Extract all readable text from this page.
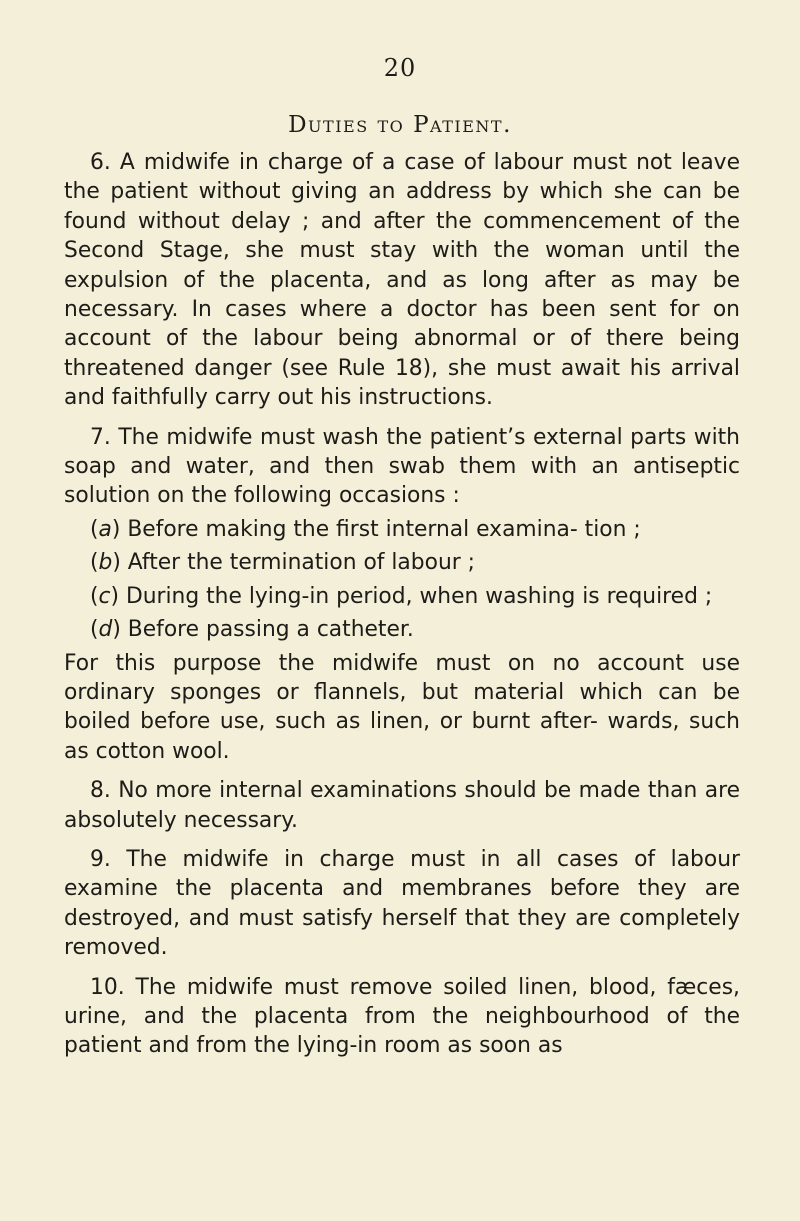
20
Duties to Patient.

6. A midwife in charge of a case of labour must not leave the patient without giving an address by which she can be found without delay ; and after the commencement of the Second Stage, she must stay with the woman until the expulsion of the placenta, and as long after as may be necessary. In cases where a doctor has been sent for on account of the labour being abnormal or of there being threatened danger (see Rule 18), she must await his arrival and faithfully carry out his instructions.

7. The midwife must wash the patient’s external parts with soap and water, and then swab them with an antiseptic solution on the following occasions :

(a) Before making the first internal examina- tion ;

(b) After the termination of labour ;

(c) During the lying-in period, when washing is required ;

(d) Before passing a catheter.

For this purpose the midwife must on no account use ordinary sponges or flannels, but material which can be boiled before use, such as linen, or burnt after- wards, such as cotton wool.

8. No more internal examinations should be made than are absolutely necessary.

9. The midwife in charge must in all cases of labour examine the placenta and membranes before they are destroyed, and must satisfy herself that they are completely removed.

10. The midwife must remove soiled linen, blood, fæces, urine, and the placenta from the neighbourhood of the patient and from the lying-in room as soon as
